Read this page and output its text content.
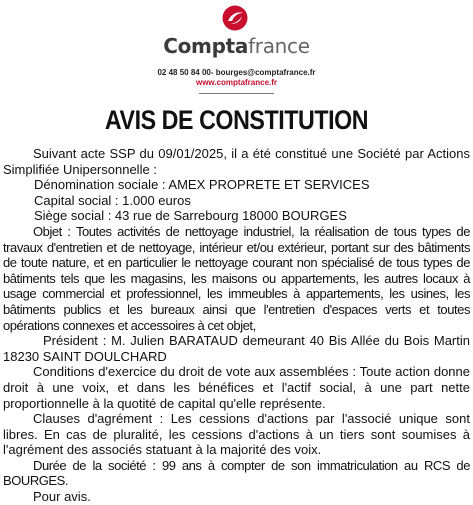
Comptafrance
02 48 50 84 00- bourges@comptafrance.fr
www.comptafrance.fr
AVIS DE CONSTITUTION

Suivant acte SSP du 09/01/2025, il a été constitué une Société par Actions Simplifiée Unipersonnelle :

Dénomination sociale : AMEX PROPRETE ET SERVICES

Capital social : 1.000 euros

Siège social : 43 rue de Sarrebourg 18000 BOURGES

Objet : Toutes activités de nettoyage industriel, la réalisation de tous types de travaux d'entretien et de nettoyage, intérieur et/ou extérieur, portant sur des bâtiments de toute nature, et en particulier le nettoyage courant non spécialisé de tous types de bâtiments tels que les magasins, les maisons ou appartements, les autres locaux à usage commercial et professionnel, les immeubles à appartements, les usines, les bâtiments publics et les bureaux ainsi que l'entretien d'espaces verts et toutes opérations connexes et accessoires à cet objet,

Président : M. Julien BARATAUD demeurant 40 Bis Allée du Bois Martin 18230 SAINT DOULCHARD

Conditions d'exercice du droit de vote aux assemblées : Toute action donne droit à une voix, et dans les bénéfices et l'actif social, à une part nette proportionnelle à la quotité de capital qu'elle représente.

Clauses d'agrément : Les cessions d'actions par l'associé unique sont libres. En cas de pluralité, les cessions d'actions à un tiers sont soumises à l'agrément des associés statuant à la majorité des voix.

Durée de la société : 99 ans à compter de son immatriculation au RCS de BOURGES.

Pour avis.
